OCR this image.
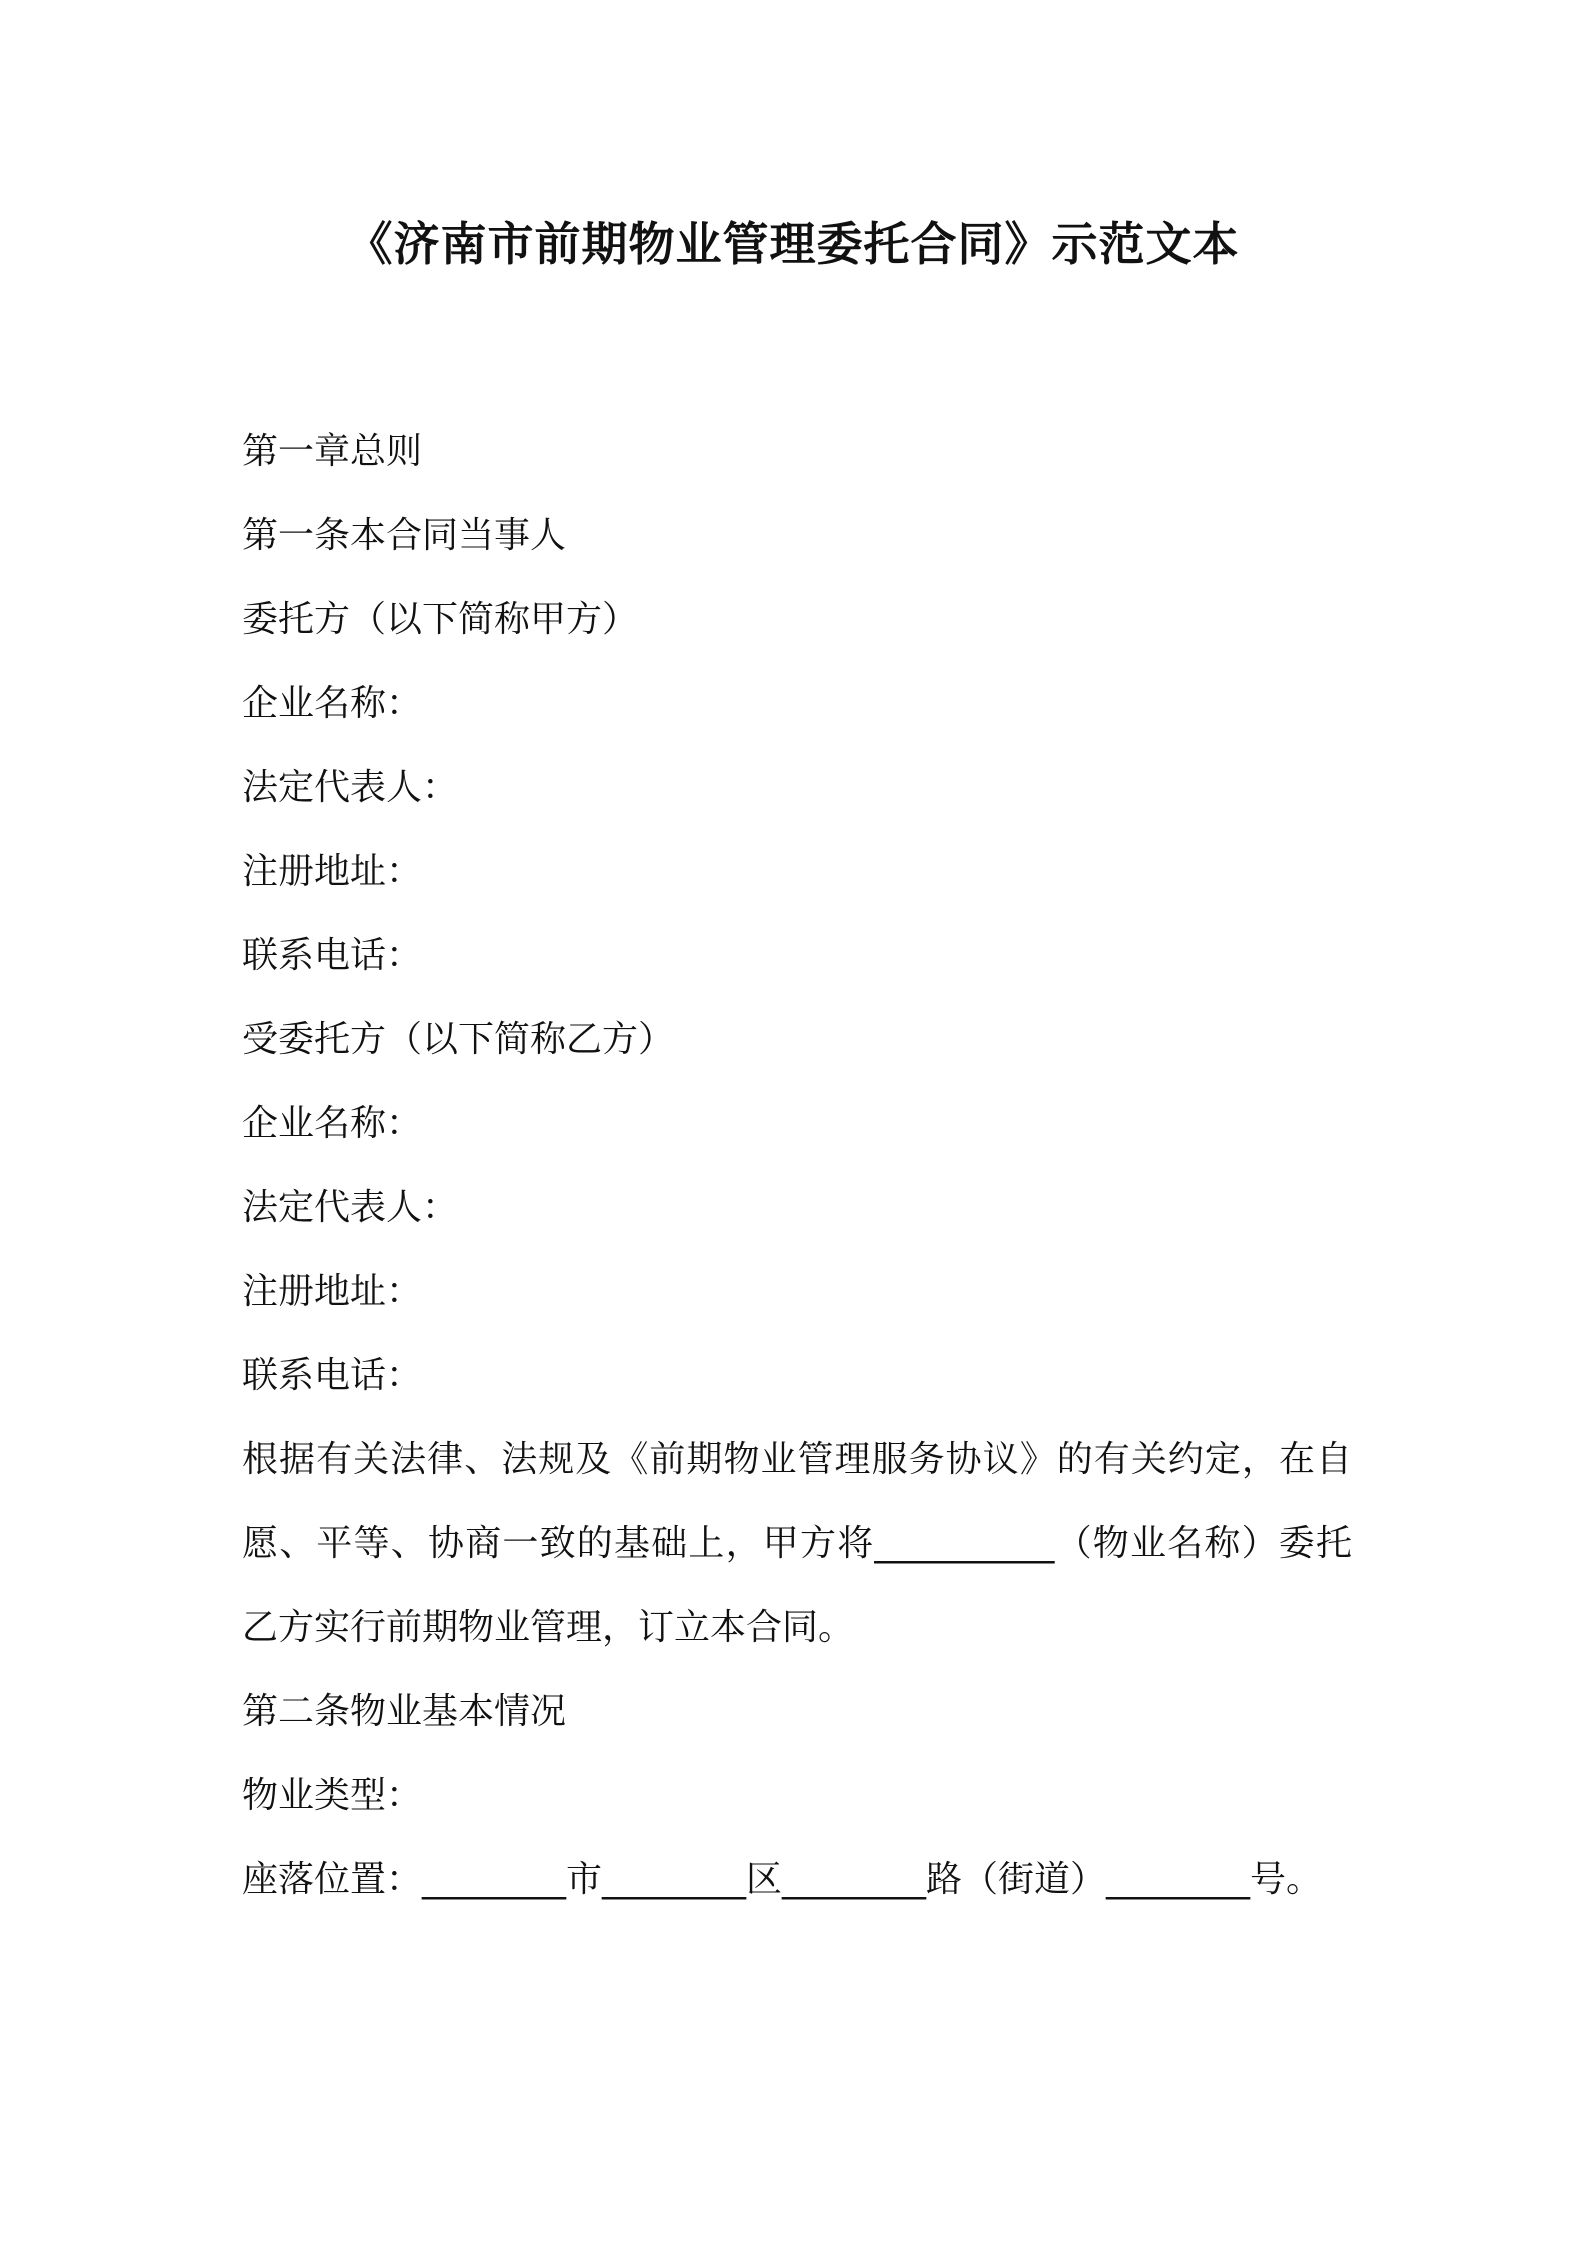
《济南市前期物业管理委托合同》示范文本
第一章总则
第一条本合同当事人
委托方（以下简称甲方）
企业名称：
法定代表人：
注册地址：
联系电话：
受委托方（以下简称乙方）
企业名称：
法定代表人：
注册地址：
联系电话：
根据有关法律、法规及《前期物业管理服务协议》的有关约定，在自愿、平等、协商一致的基础上，甲方将__________（物业名称）委托乙方实行前期物业管理，订立本合同。
第二条物业基本情况
物业类型：
座落位置：________市________区________路（街道）________号。
